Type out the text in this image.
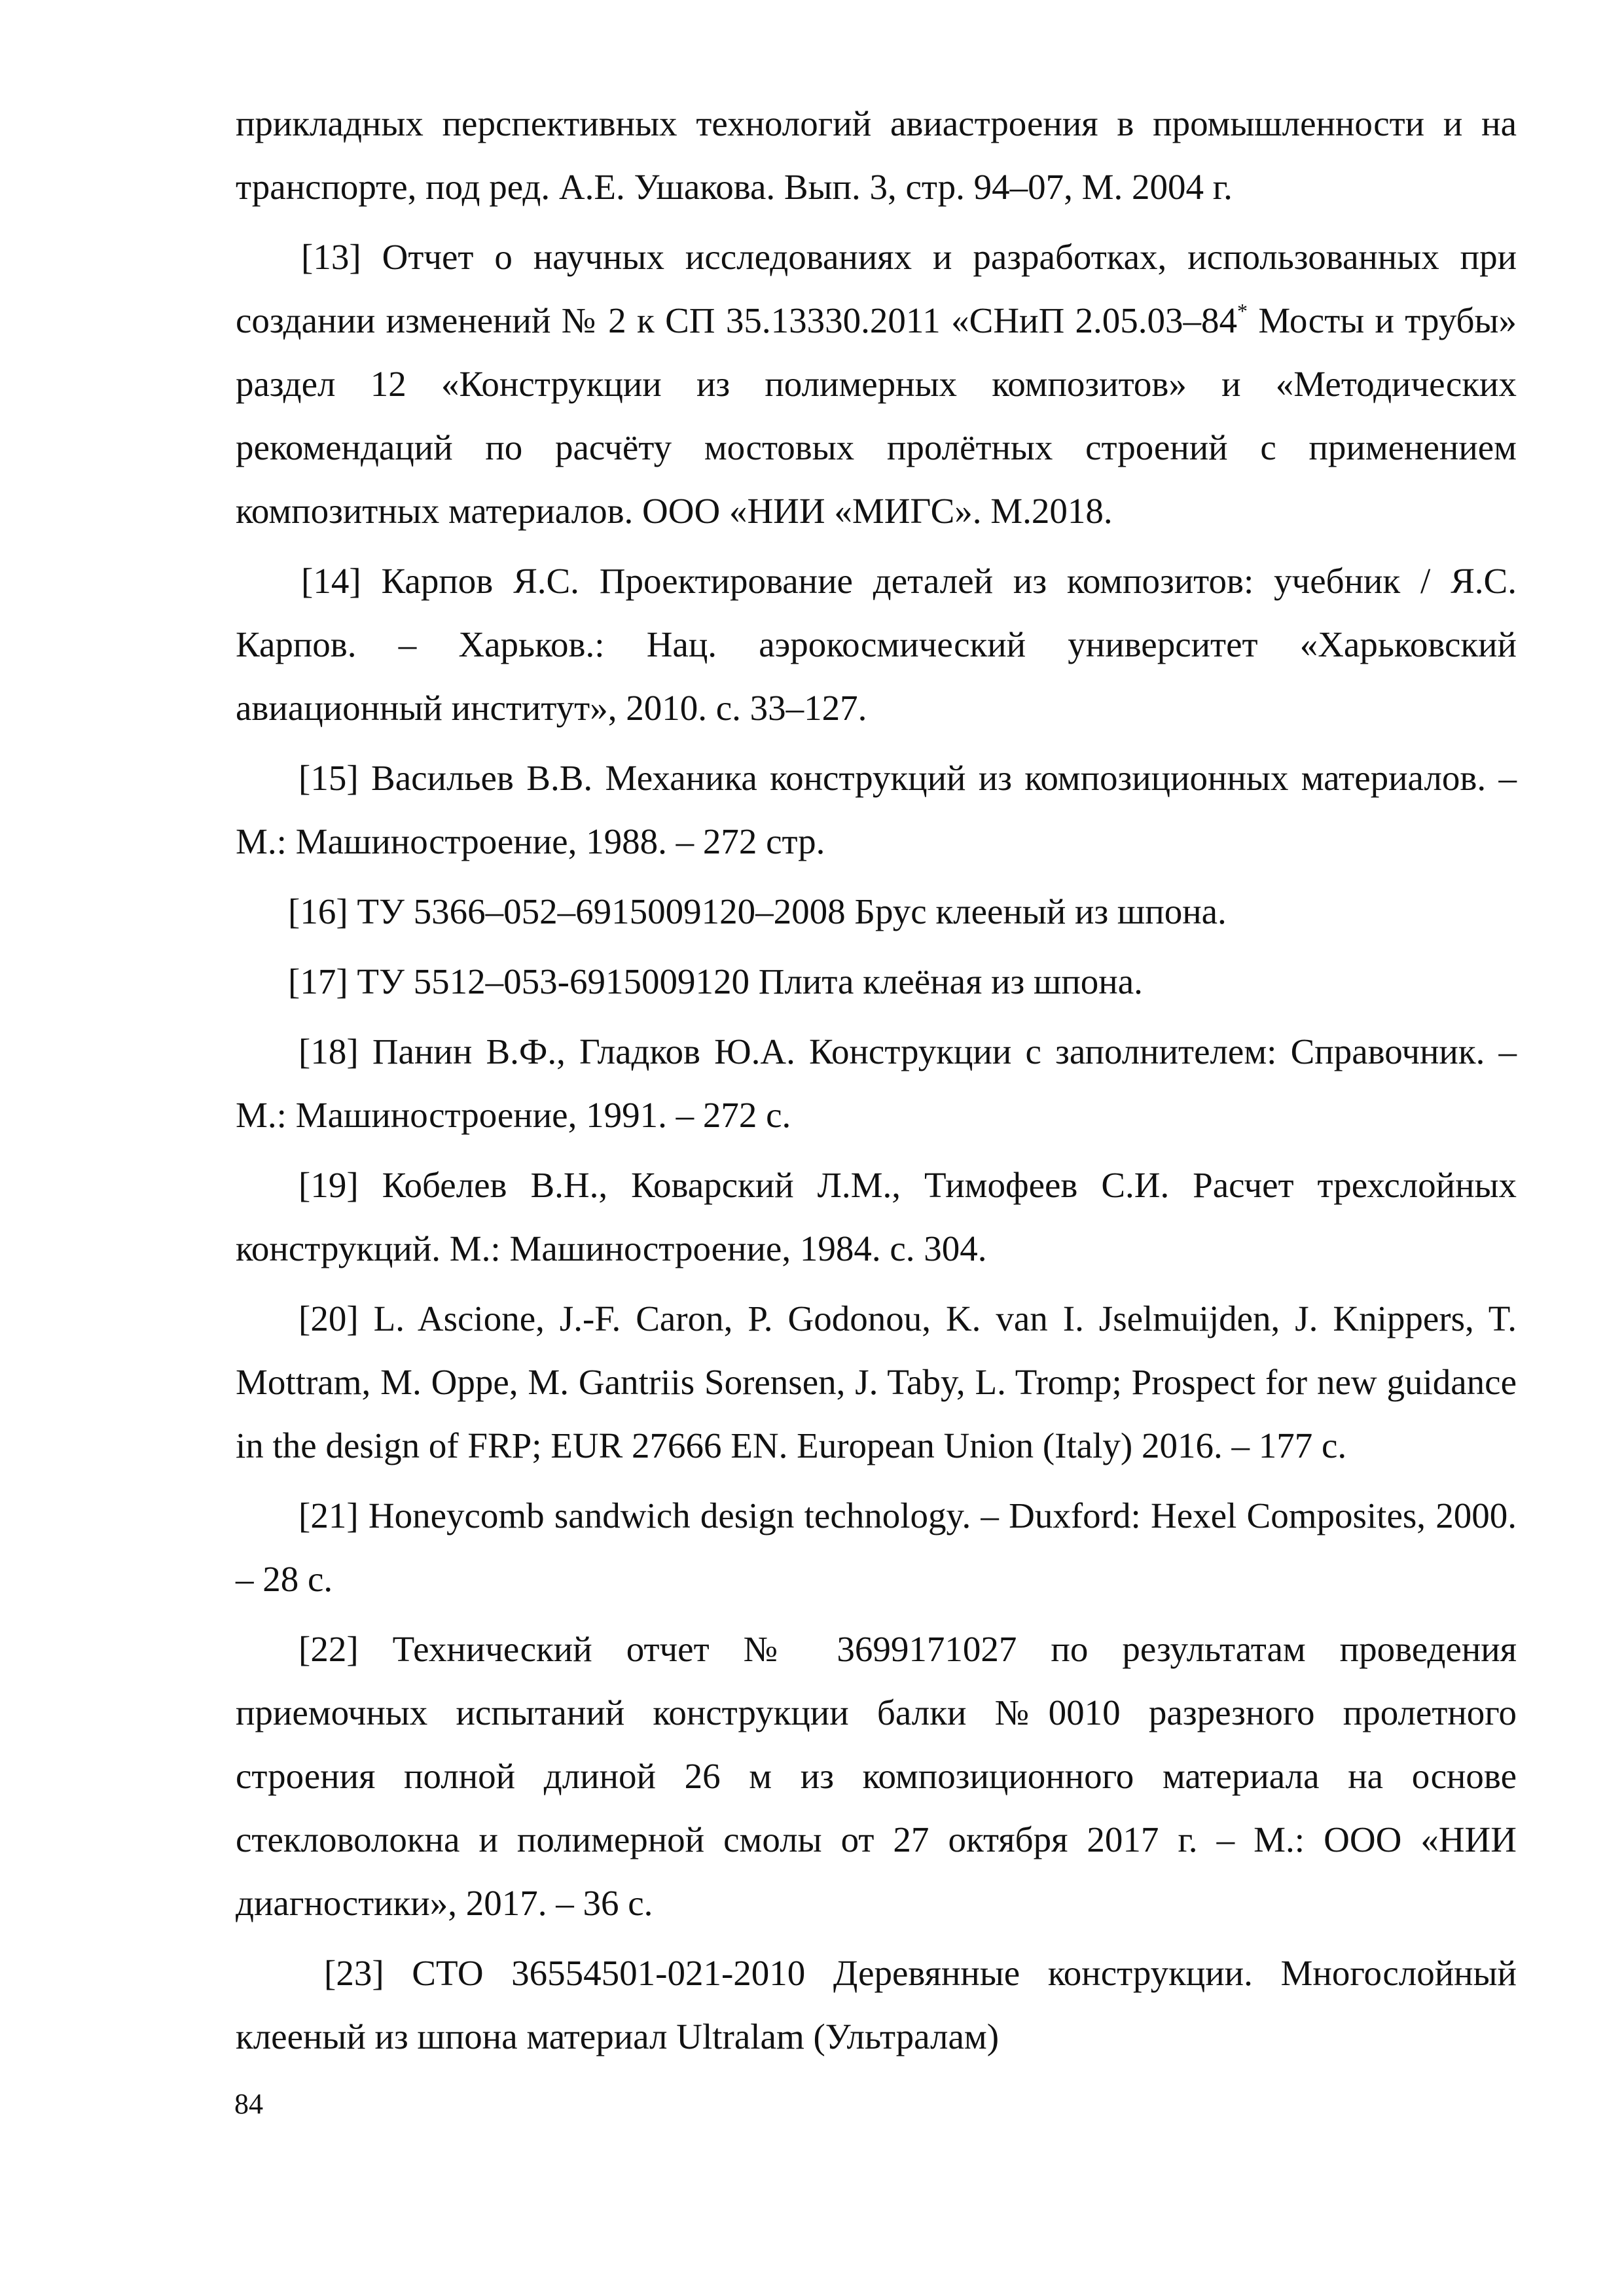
прикладных перспективных технологий авиастроения в промышленности и на транспорте, под ред. А.Е. Ушакова. Вып. 3, стр. 94–07, М. 2004 г.

[13] Отчет о научных исследованиях и разработках, использованных при создании изменений № 2 к СП 35.13330.2011 «СНиП 2.05.03–84* Мосты и трубы» раздел 12 «Конструкции из полимерных композитов» и «Методических рекомендаций по расчёту мостовых пролётных строений с применением композитных материалов. ООО «НИИ «МИГС». М.2018.

[14] Карпов Я.С. Проектирование деталей из композитов: учебник / Я.С. Карпов. – Харьков.: Нац. аэрокосмический университет «Харьковский авиационный институт», 2010. с. 33–127.

[15] Васильев В.В. Механика конструкций из композиционных материалов. – М.: Машиностроение, 1988. – 272 стр.

[16] ТУ 5366–052–6915009120–2008 Брус клееный из шпона.

[17] ТУ 5512–053-6915009120 Плита клеёная из шпона.

[18] Панин В.Ф., Гладков Ю.А. Конструкции с заполнителем: Справочник. – М.: Машиностроение, 1991. – 272 с.

[19] Кобелев В.Н., Коварский Л.М., Тимофеев С.И. Расчет трехслойных конструкций. М.: Машиностроение, 1984. с. 304.

[20] L. Ascione, J.-F. Caron, P. Godonou, K. van I. Jselmuijden, J. Knippers, T. Mottram, M. Oppe, M. Gantriis Sorensen, J. Taby, L. Tromp; Prospect for new guidance in the design of FRP; EUR 27666 EN. European Union (Italy) 2016. – 177 с.

[21] Honeycomb sandwich design technology. – Duxford: Hexel Composites, 2000. – 28 с.

[22] Технический отчет № 3699171027 по результатам проведения приемочных испытаний конструкции балки №0010 разрезного пролетного строения полной длиной 26 м из композиционного материала на основе стекловолокна и полимерной смолы от 27 октября 2017 г. – М.: ООО «НИИ диагностики», 2017. – 36 с.

[23] СТО 36554501-021-2010 Деревянные конструкции. Многослойный клееный из шпона материал Ultralam (Ультралам)

84
